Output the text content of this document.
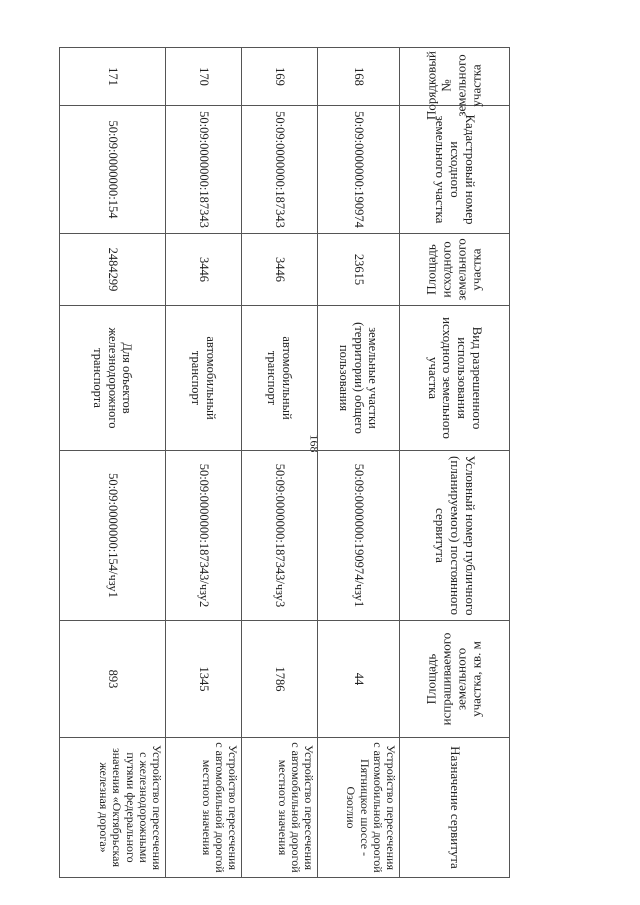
168
Порядковый № земельного участка	Кадастровый номер исходного земельного участка	Площадь исходного земельного участка	Вид разрешенного использования исходного земельного участка	Условный номер публичного (планируемого) постоянного сервитута	Площадь испрашиваемого земельного участка, кв. м	Назначение сервитута
168	50:09:0000000:190974	23615	земельные участки (территории) общего пользования	50:09:0000000:190974/чзу1	44	Устройство пересечения с автомобильной дорогой Пятницкое шоссе - Озоглио
169	50:09:0000000:187343	3446	автомобильный транспорт	50:09:0000000:187343/чзу3	1786	Устройство пересечения с автомобильной дорогой местного значения
170	50:09:0000000:187343	3446	автомобильный транспорт	50:09:0000000:187343/чзу2	1345	Устройство пересечения с автомобильной дорогой местного значения
171	50:09:0000000:154	2484299	Для объектов железнодорожного транспорта	50:09:0000000:154/чзу1	893	Устройство пересечения с железнодорожными путями федерального значения «Октябрьская железная дорога»
